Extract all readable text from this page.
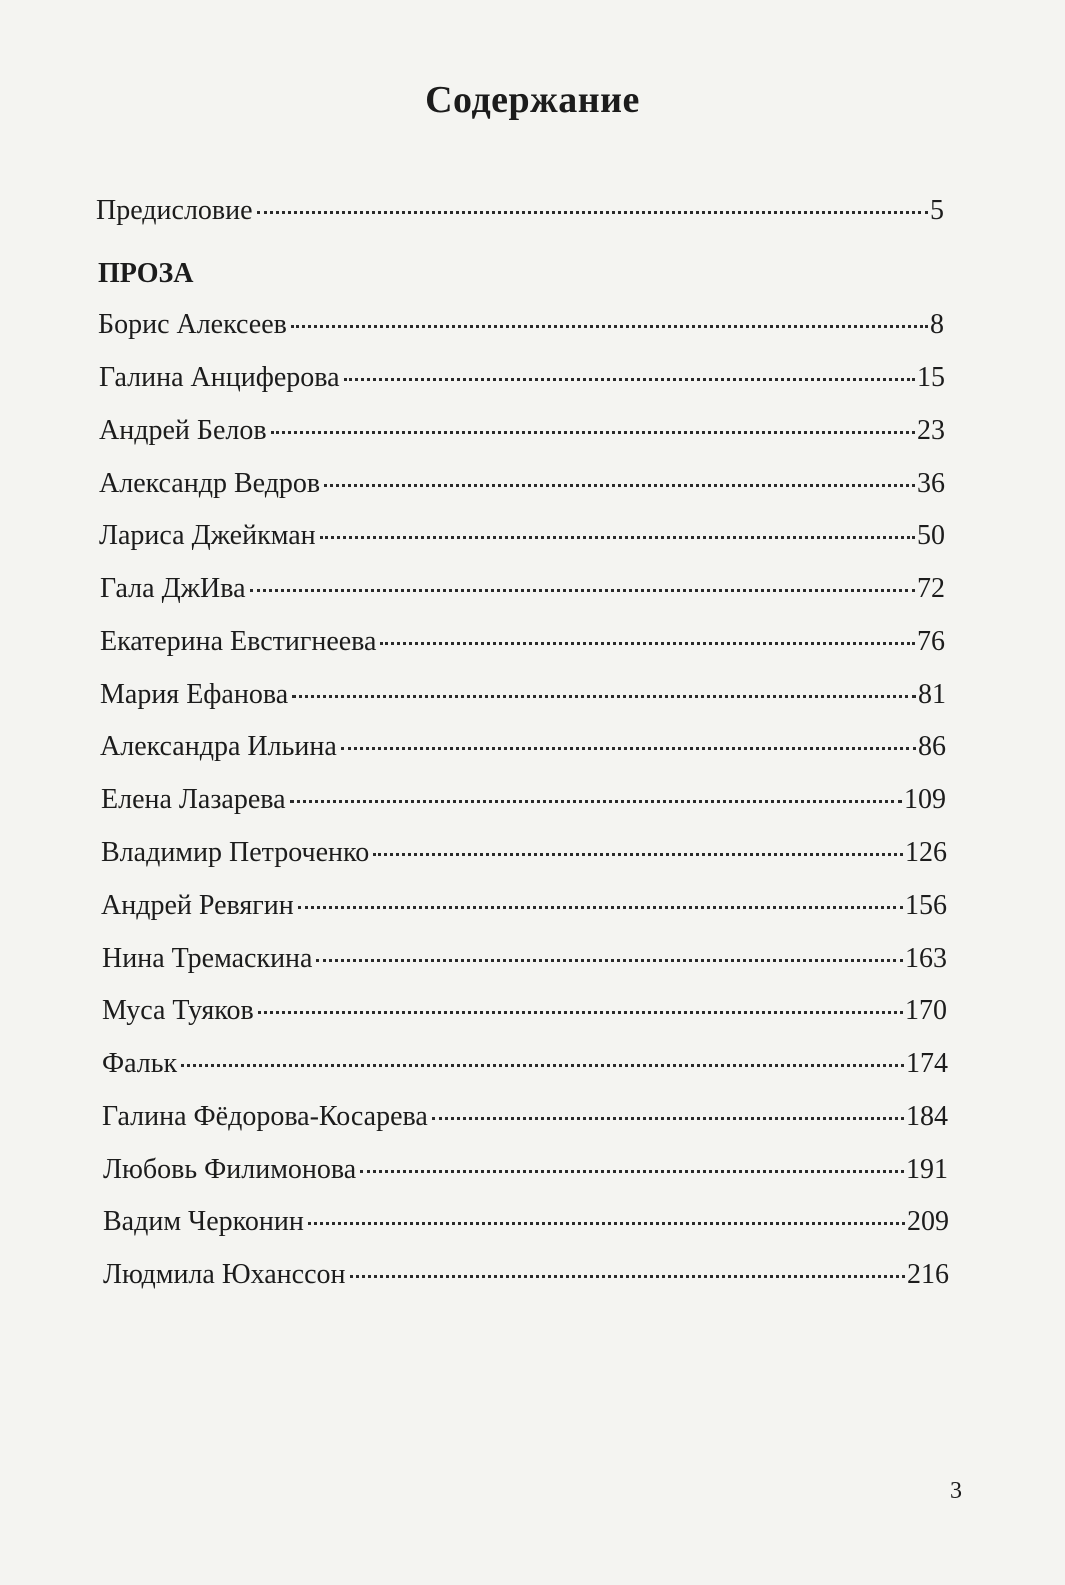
Содержание
Предисловие	5
ПРОЗА
Борис Алексеев	8
Галина Анциферова	15
Андрей Белов	23
Александр Ведров	36
Лариса Джейкман	50
Гала ДжИва	72
Екатерина Евстигнеева	76
Мария Ефанова	81
Александра Ильина	86
Елена Лазарева	109
Владимир Петроченко	126
Андрей Ревягин	156
Нина Тремаскина	163
Муса Туяков	170
Фальк	174
Галина Фёдорова-Косарева	184
Любовь Филимонова	191
Вадим Черконин	209
Людмила Юханссон	216
3
